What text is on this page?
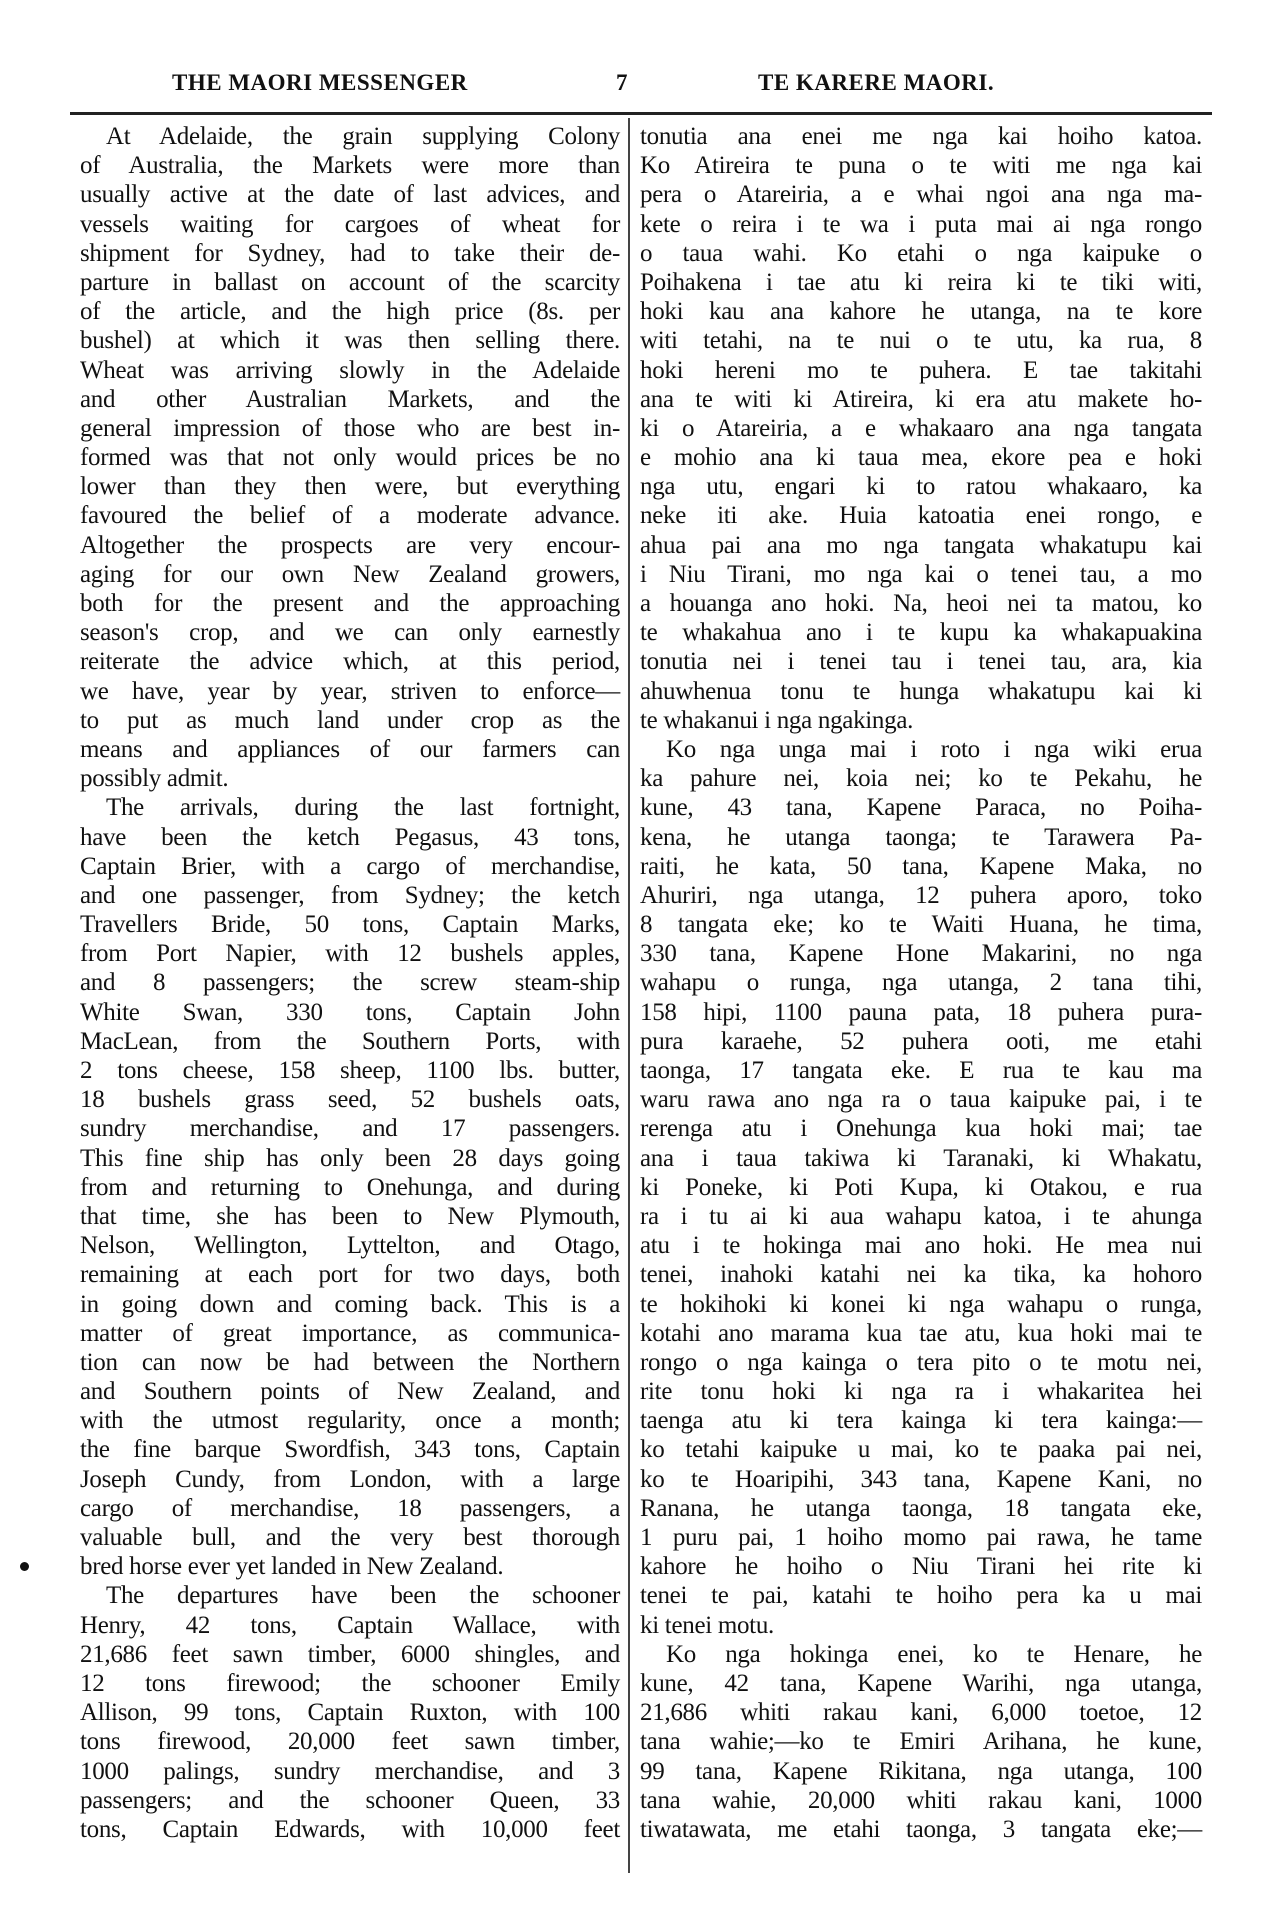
THE MAORI MESSENGER	7	TE KARERE MAORI.
At Adelaide, the grain supplying Colony
of Australia, the Markets were more than
usually active at the date of last advices, and
vessels waiting for cargoes of wheat for
shipment for Sydney, had to take their de-
parture in ballast on account of the scarcity
of the article, and the high price (8s. per
bushel) at which it was then selling there.
Wheat was arriving slowly in the Adelaide
and other Australian Markets, and the
general impression of those who are best in-
formed was that not only would prices be no
lower than they then were, but everything
favoured the belief of a moderate advance.
Altogether the prospects are very encour-
aging for our own New Zealand growers,
both for the present and the approaching
season's crop, and we can only earnestly
reiterate the advice which, at this period,
we have, year by year, striven to enforce—
to put as much land under crop as the
means and appliances of our farmers can
possibly admit.
The arrivals, during the last fortnight,
have been the ketch Pegasus, 43 tons,
Captain Brier, with a cargo of merchandise,
and one passenger, from Sydney; the ketch
Travellers Bride, 50 tons, Captain Marks,
from Port Napier, with 12 bushels apples,
and 8 passengers; the screw steam-ship
White Swan, 330 tons, Captain John
MacLean, from the Southern Ports, with
2 tons cheese, 158 sheep, 1100 lbs. butter,
18 bushels grass seed, 52 bushels oats,
sundry merchandise, and 17 passengers.
This fine ship has only been 28 days going
from and returning to Onehunga, and during
that time, she has been to New Plymouth,
Nelson, Wellington, Lyttelton, and Otago,
remaining at each port for two days, both
in going down and coming back. This is a
matter of great importance, as communica-
tion can now be had between the Northern
and Southern points of New Zealand, and
with the utmost regularity, once a month;
the fine barque Swordfish, 343 tons, Captain
Joseph Cundy, from London, with a large
cargo of merchandise, 18 passengers, a
valuable bull, and the very best thorough
bred horse ever yet landed in New Zealand.
The departures have been the schooner
Henry, 42 tons, Captain Wallace, with
21,686 feet sawn timber, 6000 shingles, and
12 tons firewood; the schooner Emily
Allison, 99 tons, Captain Ruxton, with 100
tons firewood, 20,000 feet sawn timber,
1000 palings, sundry merchandise, and 3
passengers; and the schooner Queen, 33
tons, Captain Edwards, with 10,000 feet
tonutia ana enei me nga kai hoiho katoa.
Ko Atireira te puna o te witi me nga kai
pera o Atareiria, a e whai ngoi ana nga ma-
kete o reira i te wa i puta mai ai nga rongo
o taua wahi. Ko etahi o nga kaipuke o
Poihakena i tae atu ki reira ki te tiki witi,
hoki kau ana kahore he utanga, na te kore
witi tetahi, na te nui o te utu, ka rua, 8
hoki hereni mo te puhera. E tae takitahi
ana te witi ki Atireira, ki era atu makete ho-
ki o Atareiria, a e whakaaro ana nga tangata
e mohio ana ki taua mea, ekore pea e hoki
nga utu, engari ki to ratou whakaaro, ka
neke iti ake. Huia katoatia enei rongo, e
ahua pai ana mo nga tangata whakatupu kai
i Niu Tirani, mo nga kai o tenei tau, a mo
a houanga ano hoki. Na, heoi nei ta matou, ko
te whakahua ano i te kupu ka whakapuakina
tonutia nei i tenei tau i tenei tau, ara, kia
ahuwhenua tonu te hunga whakatupu kai ki
te whakanui i nga ngakinga.
Ko nga unga mai i roto i nga wiki erua
ka pahure nei, koia nei; ko te Pekahu, he
kune, 43 tana, Kapene Paraca, no Poiha-
kena, he utanga taonga; te Tarawera Pa-
raiti, he kata, 50 tana, Kapene Maka, no
Ahuriri, nga utanga, 12 puhera aporo, toko
8 tangata eke; ko te Waiti Huana, he tima,
330 tana, Kapene Hone Makarini, no nga
wahapu o runga, nga utanga, 2 tana tihi,
158 hipi, 1100 pauna pata, 18 puhera pura-
pura karaehe, 52 puhera ooti, me etahi
taonga, 17 tangata eke. E rua te kau ma
waru rawa ano nga ra o taua kaipuke pai, i te
rerenga atu i Onehunga kua hoki mai; tae
ana i taua takiwa ki Taranaki, ki Whakatu,
ki Poneke, ki Poti Kupa, ki Otakou, e rua
ra i tu ai ki aua wahapu katoa, i te ahunga
atu i te hokinga mai ano hoki. He mea nui
tenei, inahoki katahi nei ka tika, ka hohoro
te hokihoki ki konei ki nga wahapu o runga,
kotahi ano marama kua tae atu, kua hoki mai te
rongo o nga kainga o tera pito o te motu nei,
rite tonu hoki ki nga ra i whakaritea hei
taenga atu ki tera kainga ki tera kainga:—
ko tetahi kaipuke u mai, ko te paaka pai nei,
ko te Hoaripihi, 343 tana, Kapene Kani, no
Ranana, he utanga taonga, 18 tangata eke,
1 puru pai, 1 hoiho momo pai rawa, he tame
kahore he hoiho o Niu Tirani hei rite ki
tenei te pai, katahi te hoiho pera ka u mai
ki tenei motu.
Ko nga hokinga enei, ko te Henare, he
kune, 42 tana, Kapene Warihi, nga utanga,
21,686 whiti rakau kani, 6,000 toetoe, 12
tana wahie;—ko te Emiri Arihana, he kune,
99 tana, Kapene Rikitana, nga utanga, 100
tana wahie, 20,000 whiti rakau kani, 1000
tiwatawata, me etahi taonga, 3 tangata eke;—
